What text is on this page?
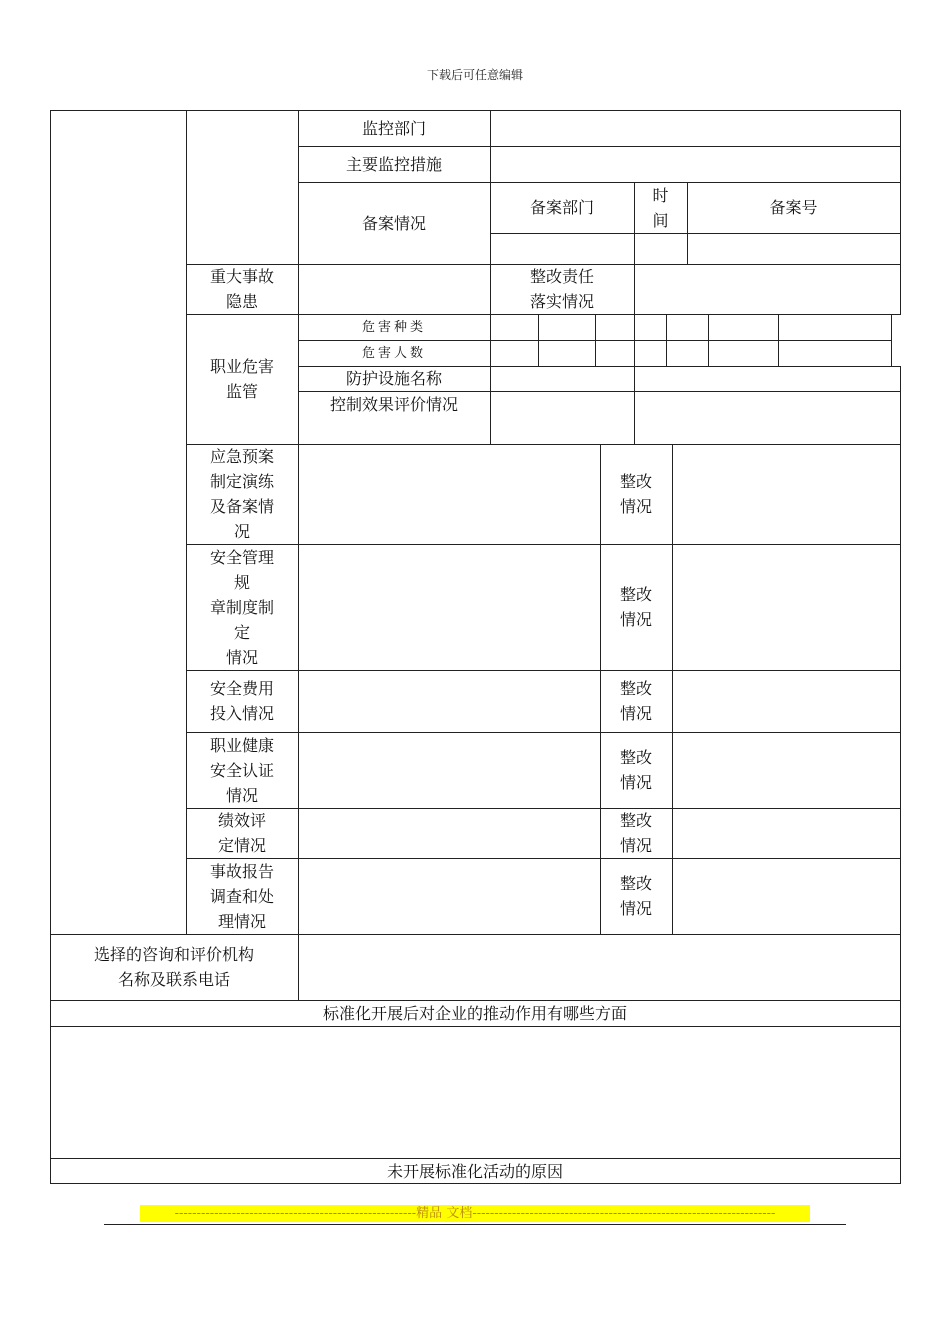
下载后可任意编辑
监控部门
主要监控措施
备案情况
备案部门
时
间
备案号
重大事故
隐患
整改责任
落实情况
职业危害
监管
危害种类
危害人数
防护设施名称
控制效果评价情况
选择的咨询和评价机构
名称及联系电话
标准化开展后对企业的推动作用有哪些方面
未开展标准化活动的原因
应急预案
制定演练
及备案情
况
整改
情况
安全管理
规
章制度制
定
情况
整改
情况
安全费用
投入情况
整改
情况
职业健康
安全认证
情况
整改
情况
绩效评
定情况
整改
情况
事故报告
调查和处
理情况
整改
情况
-------------------------------------------------------精品 文档---------------------------------------------------------------------
